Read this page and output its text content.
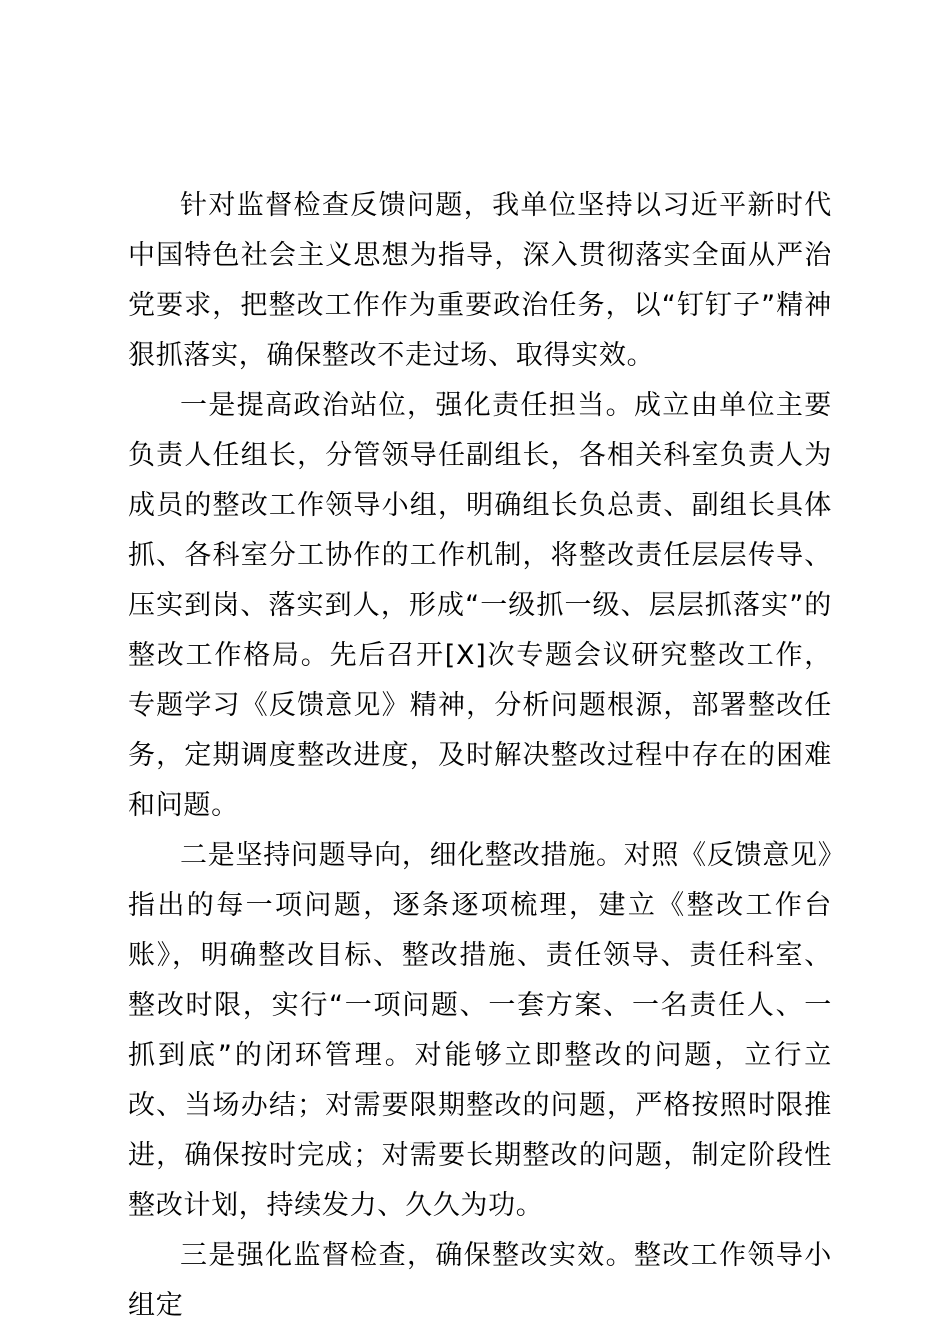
针对监督检查反馈问题，我单位坚持以习近平新时代中国特色社会主义思想为指导，深入贯彻落实全面从严治党要求，把整改工作作为重要政治任务，以“钉钉子”精神狠抓落实，确保整改不走过场、取得实效。

一是提高政治站位，强化责任担当。成立由单位主要负责人任组长，分管领导任副组长，各相关科室负责人为成员的整改工作领导小组，明确组长负总责、副组长具体抓、各科室分工协作的工作机制，将整改责任层层传导、压实到岗、落实到人，形成“一级抓一级、层层抓落实”的整改工作格局。先后召开[X]次专题会议研究整改工作，专题学习《反馈意见》精神，分析问题根源，部署整改任务，定期调度整改进度，及时解决整改过程中存在的困难和问题。

二是坚持问题导向，细化整改措施。对照《反馈意见》指出的每一项问题，逐条逐项梳理，建立《整改工作台账》，明确整改目标、整改措施、责任领导、责任科室、整改时限，实行“一项问题、一套方案、一名责任人、一抓到底”的闭环管理。对能够立即整改的问题，立行立改、当场办结；对需要限期整改的问题，严格按照时限推进，确保按时完成；对需要长期整改的问题，制定阶段性整改计划，持续发力、久久为功。

三是强化监督检查，确保整改实效。整改工作领导小组定
